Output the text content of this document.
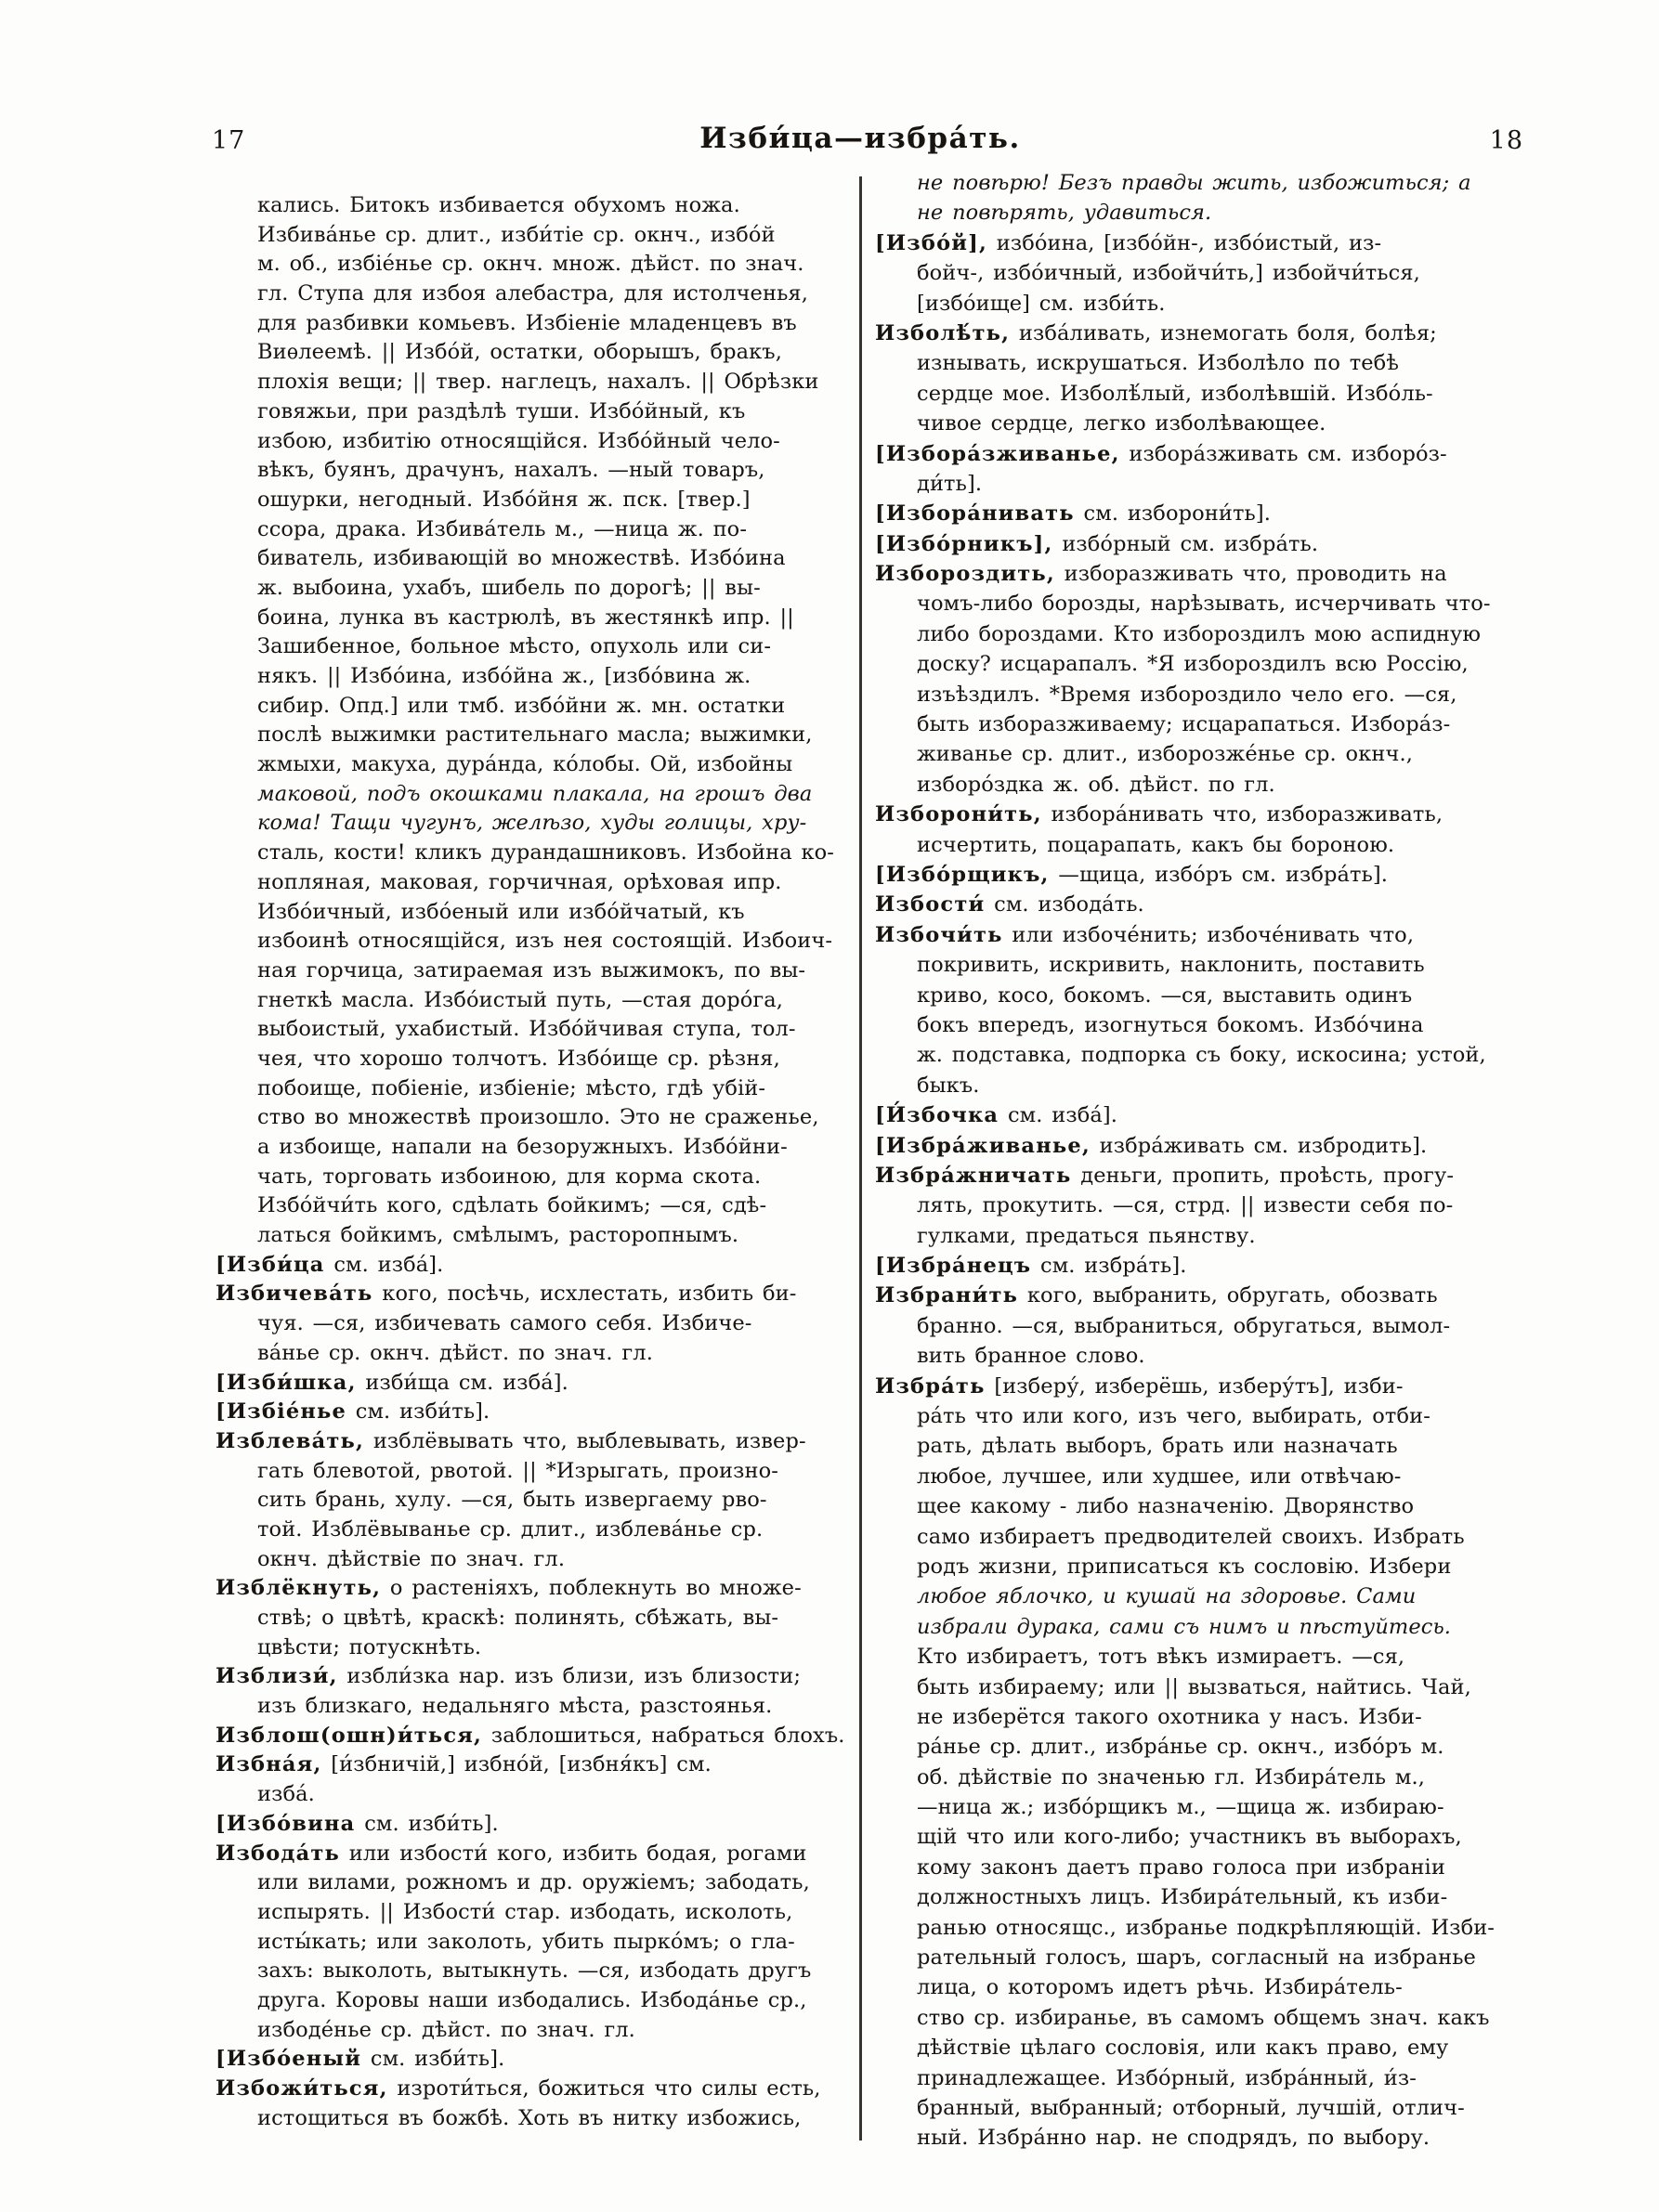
17	Изби́ца—избра́ть.	18
кались. Битокъ избивается обухомъ ножа.
Избива́нье ср. длит., изби́тіе ср. окнч., избо́й
м. об., избіе́нье ср. окнч. множ. дѣйст. по знач.
гл. Ступа для избоя алебастра, для истолченья,
для разбивки комьевъ. Избіеніе младенцевъ въ
Виѳлеемѣ. || Избо́й, остатки, оборышъ, бракъ,
плохія вещи; || твер. наглецъ, нахалъ. || Обрѣзки
говяжьи, при раздѣлѣ туши. Избо́йный, къ
избою, избитію относящійся. Избо́йный чело-
вѣкъ, буянъ, драчунъ, нахалъ. —ный товаръ,
ошурки, негодный. Избо́йня ж. пск. [твер.]
ссора, драка. Избива́тель м., —ница ж. по-
биватель, избивающій во множествѣ. Избо́ина
ж. выбоина, ухабъ, шибель по дорогѣ; || вы-
боина, лунка въ кастрюлѣ, въ жестянкѣ ипр. ||
Зашибенное, больное мѣсто, опухоль или си-
някъ. || Избо́ина, избо́йна ж., [избо́вина ж.
сибир. Опд.] или тмб. избо́йни ж. мн. остатки
послѣ выжимки растительнаго масла; выжимки,
жмыхи, макуха, дура́нда, ко́лобы. Ой, избойны
маковой, подъ окошками плакала, на грошъ два
кома! Тащи чугунъ, желѣзо, худы голицы, хру-
сталь, кости! кликъ дурандашниковъ. Избойна ко-
нопляная, маковая, горчичная, орѣховая ипр.
Избо́ичный, избо́еный или избо́йчатый, къ
избоинѣ относящійся, изъ нея состоящій. Избоич-
ная горчица, затираемая изъ выжимокъ, по вы-
гнеткѣ масла. Избо́истый путь, —стая доро́га,
выбоистый, ухабистый. Избо́йчивая ступа, тол-
чея, что хорошо толчотъ. Избо́ище ср. рѣзня,
побоище, побіеніе, избіеніе; мѣсто, гдѣ убій-
ство во множествѣ произошло. Это не сраженье,
а избоище, напали на безоружныхъ. Избо́йни-
чать, торговать избоиною, для корма скота.
Избо́йчи́ть кого, сдѣлать бойкимъ; —ся, сдѣ-
латься бойкимъ, смѣлымъ, расторопнымъ.
[Изби́ца см. изба́].
Избичева́ть кого, посѣчь, исхлестать, избить би-
чуя. —ся, избичевать самого себя. Избиче-
ва́нье ср. окнч. дѣйст. по знач. гл.
[Изби́шка, изби́ща см. изба́].
[Избіе́нье см. изби́ть].
Изблева́ть, изблёвывать что, выблевывать, извер-
гать блевотой, рвотой. || *Изрыгать, произно-
сить брань, хулу. —ся, быть извергаему рво-
той. Изблёвыванье ср. длит., изблева́нье ср.
окнч. дѣйствіе по знач. гл.
Изблёкнуть, о растеніяхъ, поблекнуть во множе-
ствѣ; о цвѣтѣ, краскѣ: полинять, сбѣжать, вы-
цвѣсти; потускнѣть.
Изблизи́, избли́зка нар. изъ близи, изъ близости;
изъ близкаго, недальняго мѣста, разстоянья.
Изблош(ошн)и́ться, заблошиться, набраться блохъ.
Избна́я, [и́збничій,] избно́й, [избня́къ] см.
изба́.
[Избо́вина см. изби́ть].
Избода́ть или избости́ кого, избить бодая, рогами
или вилами, рожномъ и др. оружіемъ; забодать,
испырять. || Избости́ стар. избодать, исколоть,
исты́кать; или заколоть, убить пырко́мъ; о гла-
захъ: выколоть, вытыкнуть. —ся, избодать другъ
друга. Коровы наши избодались. Избода́нье ср.,
избоде́нье ср. дѣйст. по знач. гл.
[Избо́еный см. изби́ть].
Избожи́ться, изроти́ться, божиться что силы есть,
истощиться въ божбѣ. Хоть въ нитку избожись,
не повѣрю! Безъ правды жить, избожиться; а
не повѣрять, удавиться.
[Избо́й], избо́ина, [избо́йн-, избо́истый, из-
бойч-, избо́ичный, избойчи́ть,] избойчи́ться,
[избо́ище] см. изби́ть.
Изболѣ́ть, изба́ливать, изнемогать боля, болѣя;
изнывать, искрушаться. Изболѣло по тебѣ
сердце мое. Изболѣ́лый, изболѣвшій. Избо́ль-
чивое сердце, легко изболѣвающее.
[Избора́зживанье, избора́зживать см. изборо́з-
ди́ть].
[Избора́нивать см. изборони́ть].
[Избо́рникъ], избо́рный см. избра́ть.
Избороздить, изборазживать что, проводить на
чомъ-либо борозды, нарѣзывать, исчерчивать что-
либо бороздами. Кто избороздилъ мою аспидную
доску? исцарапалъ. *Я избороздилъ всю Россію,
изъѣздилъ. *Время избороздило чело его. —ся,
быть изборазживаему; исцарапаться. Избора́з-
живанье ср. длит., изборозже́нье ср. окнч.,
изборо́здка ж. об. дѣйст. по гл.
Изборони́ть, избора́нивать что, изборазживать,
исчертить, поцарапать, какъ бы бороною.
[Избо́рщикъ, —щица, избо́ръ см. избра́ть].
Избости́ см. избода́ть.
Избочи́ть или избоче́нить; избоче́нивать что,
покривить, искривить, наклонить, поставить
криво, косо, бокомъ. —ся, выставить одинъ
бокъ впередъ, изогнуться бокомъ. Избо́чина
ж. подставка, подпорка съ боку, искосина; устой,
быкъ.
[И́збочка см. изба́].
[Избра́живанье, избра́живать см. избродить].
Избра́жничать деньги, пропить, проѣсть, прогу-
лять, прокутить. —ся, стрд. || извести себя по-
гулками, предаться пьянству.
[Избра́нецъ см. избра́ть].
Избрани́ть кого, выбранить, обругать, обозвать
бранно. —ся, выбраниться, обругаться, вымол-
вить бранное слово.
Избра́ть [изберу́, изберёшь, изберу́тъ], изби-
ра́ть что или кого, изъ чего, выбирать, отби-
рать, дѣлать выборъ, брать или назначать
любое, лучшее, или худшее, или отвѣчаю-
щее какому - либо назначенію. Дворянство
само избираетъ предводителей своихъ. Избрать
родъ жизни, приписаться къ сословію. Избери
любое яблочко, и кушай на здоровье. Сами
избрали дурака, сами съ нимъ и пѣстуйтесь.
Кто избираетъ, тотъ вѣкъ измираетъ. —ся,
быть избираему; или || вызваться, найтись. Чай,
не изберётся такого охотника у насъ. Изби-
ра́нье ср. длит., избра́нье ср. окнч., избо́ръ м.
об. дѣйствіе по значенью гл. Избира́тель м.,
—ница ж.; избо́рщикъ м., —щица ж. избираю-
щій что или кого-либо; участникъ въ выборахъ,
кому законъ даетъ право голоса при избраніи
должностныхъ лицъ. Избира́тельный, къ изби-
ранью относящс., избранье подкрѣпляющій. Изби-
рательный голосъ, шаръ, согласный на избранье
лица, о которомъ идетъ рѣчь. Избира́тель-
ство ср. избиранье, въ самомъ общемъ знач. какъ
дѣйствіе цѣлаго сословія, или какъ право, ему
принадлежащее. Избо́рный, избра́нный, и́з-
бранный, выбранный; отборный, лучшій, отлич-
ный. Избра́нно нар. не сподрядъ, по выбору.
